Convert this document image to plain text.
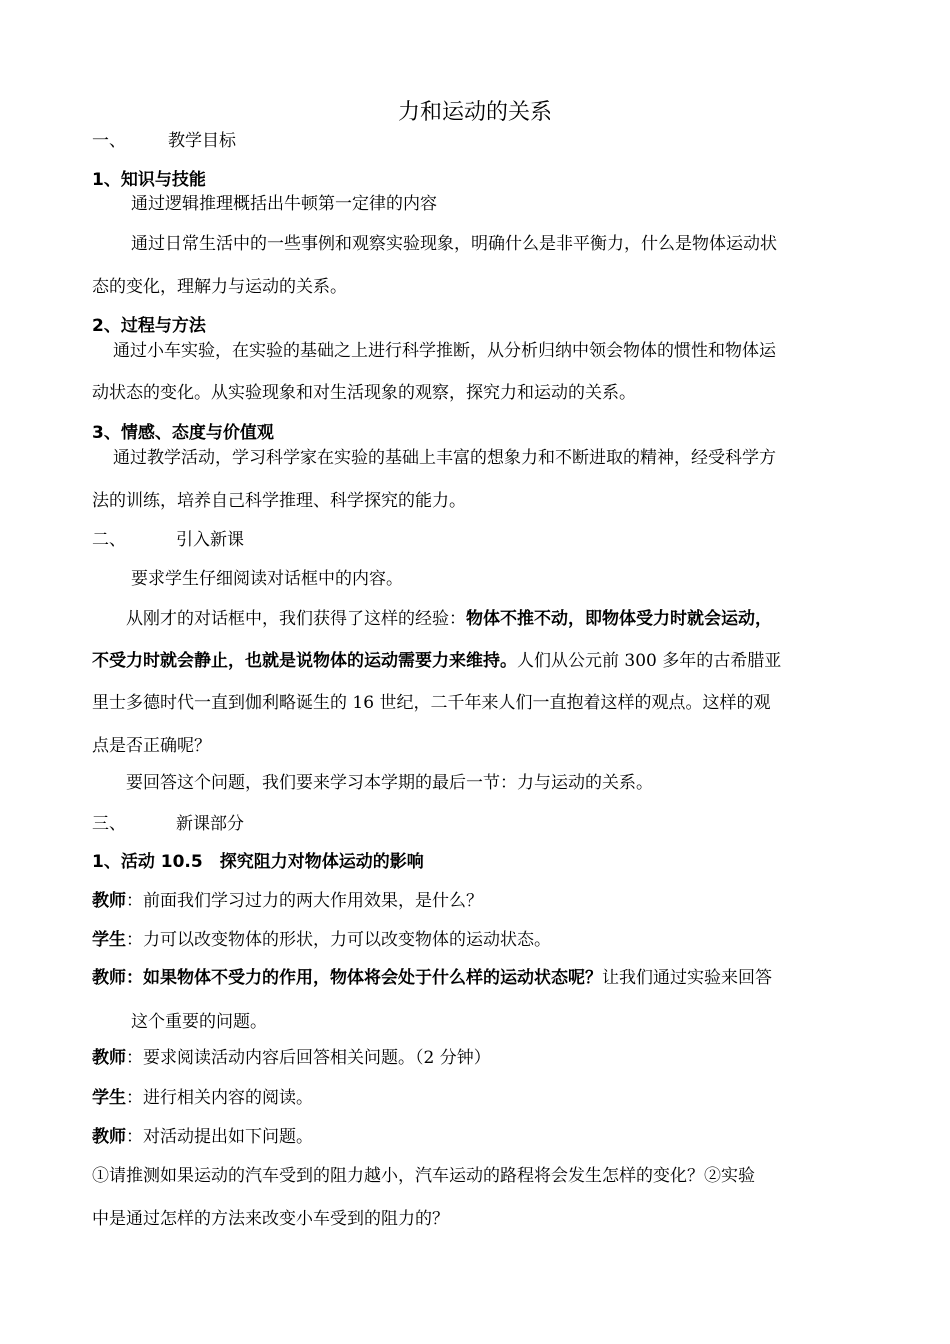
力和运动的关系
一、 教学目标
1、知识与技能
通过逻辑推理概括出牛顿第一定律的内容
通过日常生活中的一些事例和观察实验现象，明确什么是非平衡力，什么是物体运动状
态的变化，理解力与运动的关系。
2、过程与方法
通过小车实验，在实验的基础之上进行科学推断，从分析归纳中领会物体的惯性和物体运
动状态的变化。从实验现象和对生活现象的观察，探究力和运动的关系。
3、情感、态度与价值观
通过教学活动，学习科学家在实验的基础上丰富的想象力和不断进取的精神，经受科学方
法的训练，培养自己科学推理、科学探究的能力。
二、	引入新课
要求学生仔细阅读对话框中的内容。
从刚才的对话框中，我们获得了这样的经验：物体不推不动，即物体受力时就会运动，
不受力时就会静止，也就是说物体的运动需要力来维持。人们从公元前 300 多年的古希腊亚
里士多德时代一直到伽利略诞生的 16 世纪，二千年来人们一直抱着这样的观点。这样的观
点是否正确呢？
要回答这个问题，我们要来学习本学期的最后一节：力与运动的关系。
三、	新课部分
1、活动 10.5　探究阻力对物体运动的影响
教师：前面我们学习过力的两大作用效果，是什么？
学生：力可以改变物体的形状，力可以改变物体的运动状态。
教师：如果物体不受力的作用，物体将会处于什么样的运动状态呢？让我们通过实验来回答
这个重要的问题。
教师：要求阅读活动内容后回答相关问题。（2 分钟）
学生：进行相关内容的阅读。
教师：对活动提出如下问题。
①请推测如果运动的汽车受到的阻力越小，汽车运动的路程将会发生怎样的变化？②实验
中是通过怎样的方法来改变小车受到的阻力的？
